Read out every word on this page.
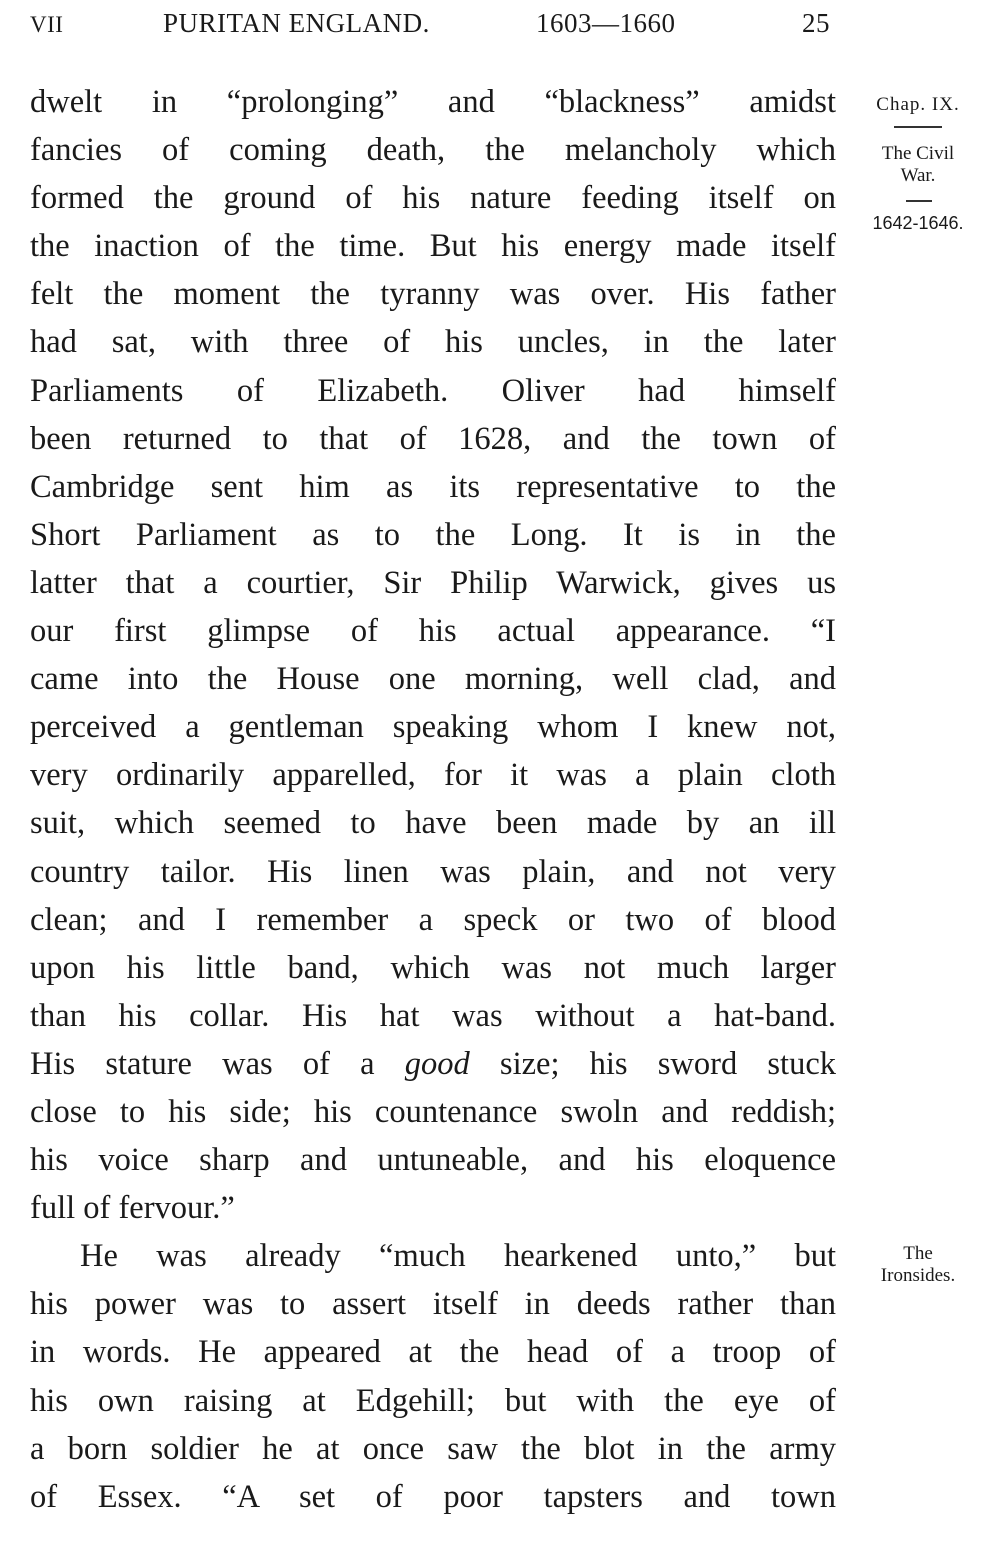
VII	PURITAN ENGLAND.	1603—1660	25
dwelt in “prolonging” and “blackness” amidst
fancies of coming death, the melancholy which
formed the ground of his nature feeding itself on
the inaction of the time. But his energy made itself
felt the moment the tyranny was over. His father
had sat, with three of his uncles, in the later
Parliaments of Elizabeth. Oliver had himself
been returned to that of 1628, and the town of
Cambridge sent him as its representative to the
Short Parliament as to the Long. It is in the
latter that a courtier, Sir Philip Warwick, gives us
our first glimpse of his actual appearance. “I
came into the House one morning, well clad, and
perceived a gentleman speaking whom I knew not,
very ordinarily apparelled, for it was a plain cloth
suit, which seemed to have been made by an ill
country tailor. His linen was plain, and not very
clean; and I remember a speck or two of blood
upon his little band, which was not much larger
than his collar. His hat was without a hat-band.
His stature was of a good size; his sword stuck
close to his side; his countenance swoln and reddish;
his voice sharp and untuneable, and his eloquence
full of fervour.”
He was already “much hearkened unto,” but
his power was to assert itself in deeds rather than
in words. He appeared at the head of a troop of
his own raising at Edgehill; but with the eye of
a born soldier he at once saw the blot in the army
of Essex. “A set of poor tapsters and town
Chap. IX.
The Civil
War.
1642-1646.
The
Ironsides.
